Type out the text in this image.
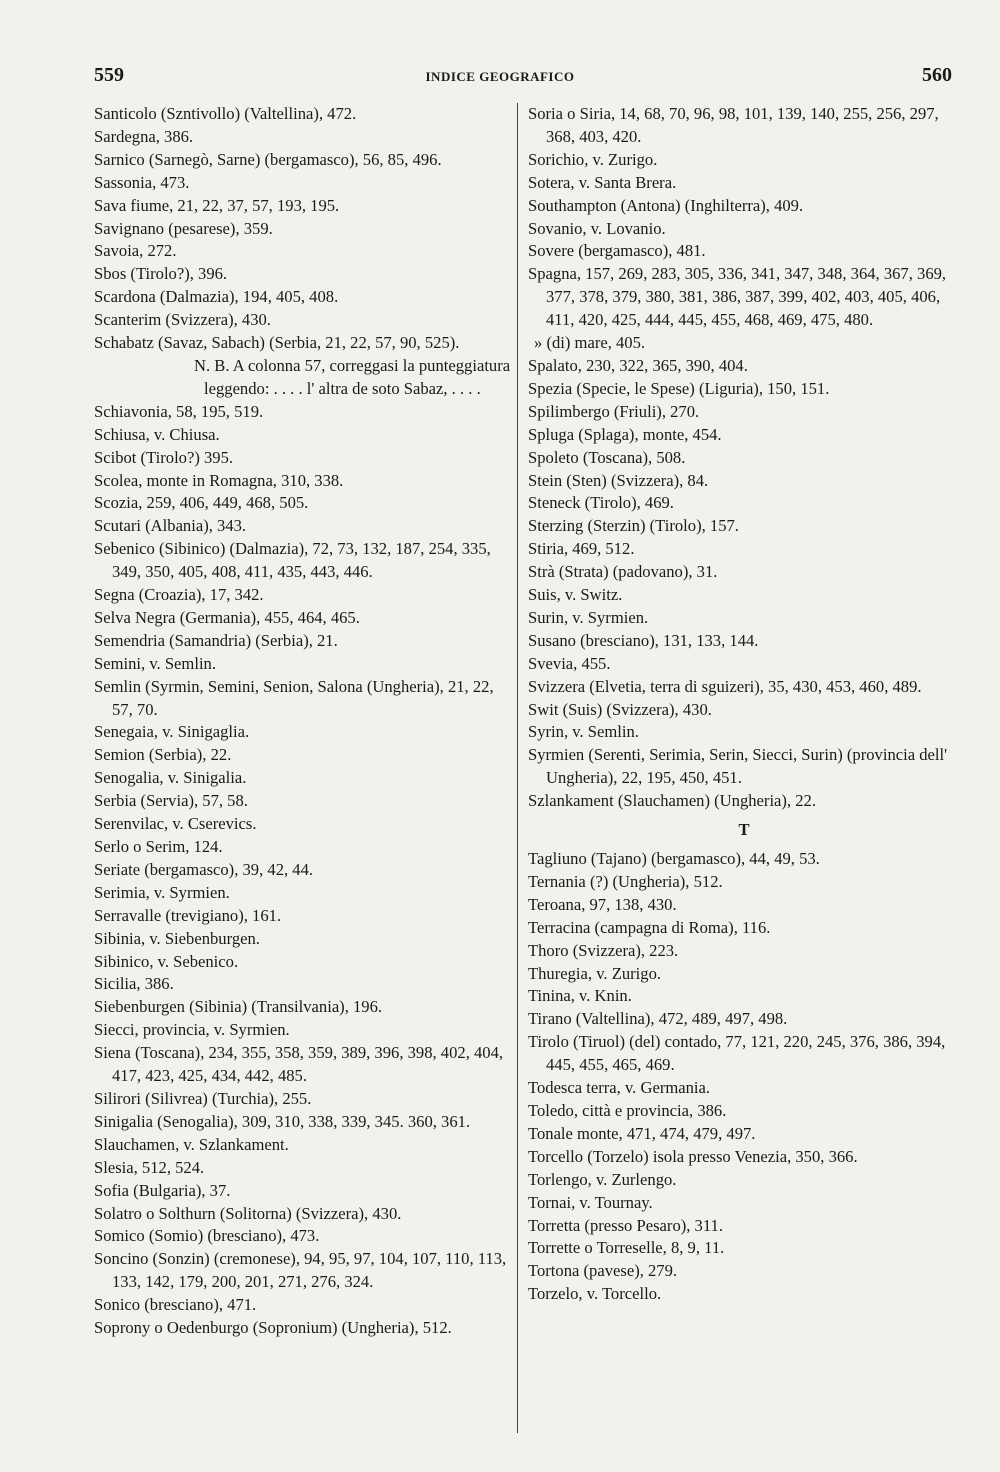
559	INDICE GEOGRAFICO	560

Santicolo (Szntivollo) (Valtellina), 472.

Sardegna, 386.

Sarnico (Sarnegò, Sarne) (bergamasco), 56, 85, 496.

Sassonia, 473.

Sava fiume, 21, 22, 37, 57, 193, 195.

Savignano (pesarese), 359.

Savoia, 272.

Sbos (Tirolo?), 396.

Scardona (Dalmazia), 194, 405, 408.

Scanterim (Svizzera), 430.

Schabatz (Savaz, Sabach) (Serbia, 21, 22, 57, 90, 525).

N. B. A colonna 57, correggasi la punteggiatura leggendo: . . . . l' altra de soto Sabaz, . . . .

Schiavonia, 58, 195, 519.

Schiusa, v. Chiusa.

Scibot (Tirolo?) 395.

Scolea, monte in Romagna, 310, 338.

Scozia, 259, 406, 449, 468, 505.

Scutari (Albania), 343.

Sebenico (Sibinico) (Dalmazia), 72, 73, 132, 187, 254, 335, 349, 350, 405, 408, 411, 435, 443, 446.

Segna (Croazia), 17, 342.

Selva Negra (Germania), 455, 464, 465.

Semendria (Samandria) (Serbia), 21.

Semini, v. Semlin.

Semlin (Syrmin, Semini, Senion, Salona (Ungheria), 21, 22, 57, 70.

Senegaia, v. Sinigaglia.

Semion (Serbia), 22.

Senogalia, v. Sinigalia.

Serbia (Servia), 57, 58.

Serenvilac, v. Cserevics.

Serlo o Serim, 124.

Seriate (bergamasco), 39, 42, 44.

Serimia, v. Syrmien.

Serravalle (trevigiano), 161.

Sibinia, v. Siebenburgen.

Sibinico, v. Sebenico.

Sicilia, 386.

Siebenburgen (Sibinia) (Transilvania), 196.

Siecci, provincia, v. Syrmien.

Siena (Toscana), 234, 355, 358, 359, 389, 396, 398, 402, 404, 417, 423, 425, 434, 442, 485.

Silirori (Silivrea) (Turchia), 255.

Sinigalia (Senogalia), 309, 310, 338, 339, 345. 360, 361.

Slauchamen, v. Szlankament.

Slesia, 512, 524.

Sofia (Bulgaria), 37.

Solatro o Solthurn (Solitorna) (Svizzera), 430.

Somico (Somio) (bresciano), 473.

Soncino (Sonzin) (cremonese), 94, 95, 97, 104, 107, 110, 113, 133, 142, 179, 200, 201, 271, 276, 324.

Sonico (bresciano), 471.

Soprony o Oedenburgo (Sopronium) (Ungheria), 512.

Soria o Siria, 14, 68, 70, 96, 98, 101, 139, 140, 255, 256, 297, 368, 403, 420.

Sorichio, v. Zurigo.

Sotera, v. Santa Brera.

Southampton (Antona) (Inghilterra), 409.

Sovanio, v. Lovanio.

Sovere (bergamasco), 481.

Spagna, 157, 269, 283, 305, 336, 341, 347, 348, 364, 367, 369, 377, 378, 379, 380, 381, 386, 387, 399, 402, 403, 405, 406, 411, 420, 425, 444, 445, 455, 468, 469, 475, 480.

» (di) mare, 405.

Spalato, 230, 322, 365, 390, 404.

Spezia (Specie, le Spese) (Liguria), 150, 151.

Spilimbergo (Friuli), 270.

Spluga (Splaga), monte, 454.

Spoleto (Toscana), 508.

Stein (Sten) (Svizzera), 84.

Steneck (Tirolo), 469.

Sterzing (Sterzin) (Tirolo), 157.

Stiria, 469, 512.

Strà (Strata) (padovano), 31.

Suis, v. Switz.

Surin, v. Syrmien.

Susano (bresciano), 131, 133, 144.

Svevia, 455.

Svizzera (Elvetia, terra di sguizeri), 35, 430, 453, 460, 489.

Swit (Suis) (Svizzera), 430.

Syrin, v. Semlin.

Syrmien (Serenti, Serimia, Serin, Siecci, Surin) (provincia dell' Ungheria), 22, 195, 450, 451.

Szlankament (Slauchamen) (Ungheria), 22.

T

Tagliuno (Tajano) (bergamasco), 44, 49, 53.

Ternania (?) (Ungheria), 512.

Teroana, 97, 138, 430.

Terracina (campagna di Roma), 116.

Thoro (Svizzera), 223.

Thuregia, v. Zurigo.

Tinina, v. Knin.

Tirano (Valtellina), 472, 489, 497, 498.

Tirolo (Tiruol) (del) contado, 77, 121, 220, 245, 376, 386, 394, 445, 455, 465, 469.

Todesca terra, v. Germania.

Toledo, città e provincia, 386.

Tonale monte, 471, 474, 479, 497.

Torcello (Torzelo) isola presso Venezia, 350, 366.

Torlengo, v. Zurlengo.

Tornai, v. Tournay.

Torretta (presso Pesaro), 311.

Torrette o Torreselle, 8, 9, 11.

Tortona (pavese), 279.

Torzelo, v. Torcello.
